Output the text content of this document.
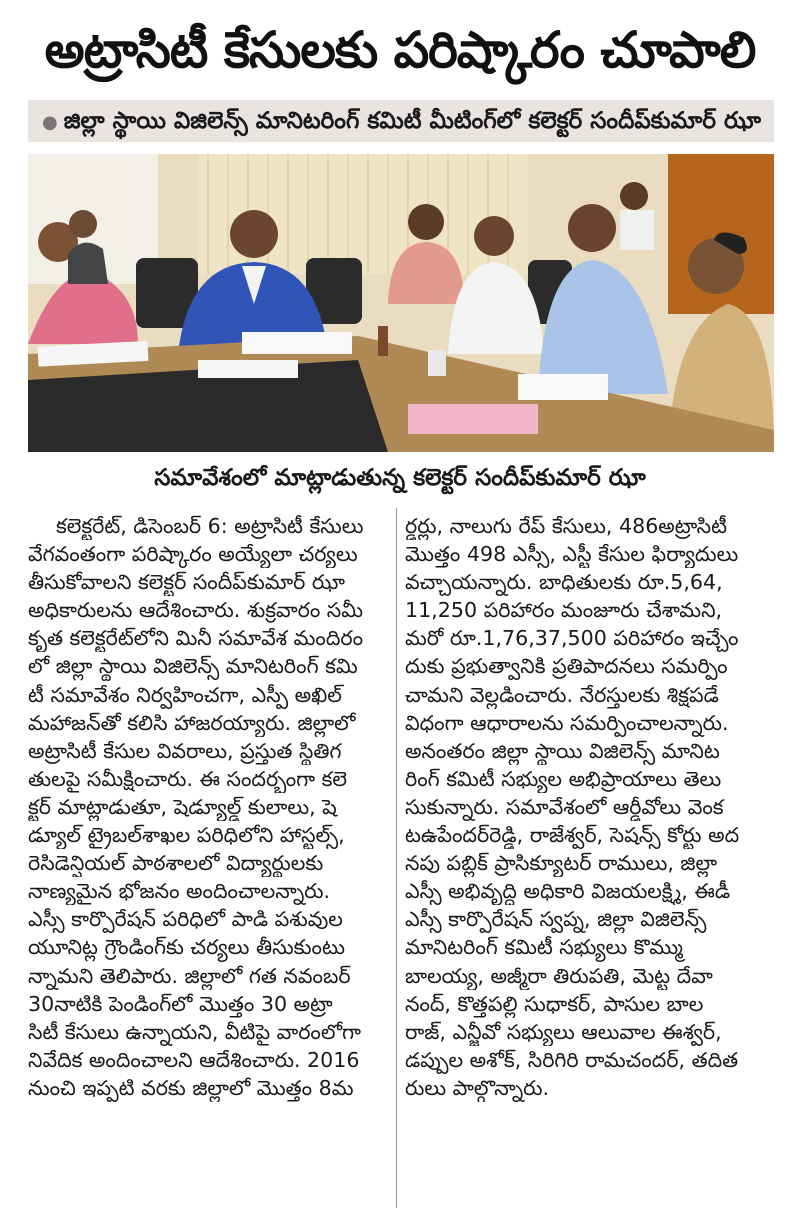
అట్రాసిటీ కేసులకు పరిష్కారం చూపాలి
● జిల్లా స్థాయి విజిలెన్స్ మానిటరింగ్ కమిటీ మీటింగ్‌లో కలెక్టర్ సందీప్‌కుమార్ ఝా
సమావేశంలో మాట్లాడుతున్న కలెక్టర్ సందీప్‌కుమార్ ఝా
కలెక్టరేట్, డిసెంబర్ 6: అట్రాసిటీ కేసులు
వేగవంతంగా పరిష్కారం అయ్యేలా చర్యలు
తీసుకోవాలని కలెక్టర్ సందీప్‌కుమార్ ఝా
అధికారులను ఆదేశించారు. శుక్రవారం సమీ
కృత కలెక్టరేట్‌లోని మినీ సమావేశ మందిరం
లో జిల్లా స్థాయి విజిలెన్స్ మానిటరింగ్ కమి
టీ సమావేశం నిర్వహించగా, ఎస్పీ అఖిల్
మహాజన్‌తో కలిసి హాజరయ్యారు. జిల్లాలో
అట్రాసిటీ కేసుల వివరాలు, ప్రస్తుత స్థితిగ
తులపై సమీక్షించారు. ఈ సందర్భంగా కలె
క్టర్ మాట్లాడుతూ, షెడ్యూల్డ్ కులాలు, షె
డ్యూల్ ట్రైబల్‌శాఖల పరిధిలోని హాస్టల్స్,
రెసిడెన్షియల్ పాఠశాలలో విద్యార్థులకు
నాణ్యమైన భోజనం అందించాలన్నారు.
ఎస్సీ కార్పొరేషన్ పరిధిలో పాడి పశువుల
యూనిట్ల గ్రౌండింగ్‌కు చర్యలు తీసుకుంటు
న్నామని తెలిపారు. జిల్లాలో గత నవంబర్
30నాటికి పెండింగ్‌లో మొత్తం 30 అట్రా
సిటీ కేసులు ఉన్నాయని, వీటిపై వారంలోగా
నివేదిక అందించాలని ఆదేశించారు. 2016
నుంచి ఇప్పటి వరకు జిల్లాలో మొత్తం 8మ
ర్డర్లు, నాలుగు రేప్ కేసులు, 486అట్రాసిటీ
మొత్తం 498 ఎస్సీ, ఎస్టీ కేసుల ఫిర్యాదులు
వచ్చాయన్నారు. బాధితులకు రూ.5,64,
11,250 పరిహారం మంజూరు చేశామని,
మరో రూ.1,76,37,500 పరిహారం ఇచ్చేం
దుకు ప్రభుత్వానికి ప్రతిపాదనలు సమర్పిం
చామని వెల్లడించారు. నేరస్తులకు శిక్షపడే
విధంగా ఆధారాలను సమర్పించాలన్నారు.
అనంతరం జిల్లా స్థాయి విజిలెన్స్ మానిట
రింగ్ కమిటీ సభ్యుల అభిప్రాయాలు తెలు
సుకున్నారు. సమావేశంలో ఆర్డీవోలు వెంక
టఉపేందర్‌రెడ్డి, రాజేశ్వర్, సెషన్స్ కోర్టు అద
నపు పబ్లిక్ ప్రాసిక్యూటర్ రాములు, జిల్లా
ఎస్సీ అభివృద్ధి అధికారి విజయలక్ష్మి, ఈడీ
ఎస్సీ కార్పొరేషన్ స్వప్న, జిల్లా విజిలెన్స్
మానిటరింగ్ కమిటీ సభ్యులు కొమ్ము
బాలయ్య, అజ్మీరా తిరుపతి, మెట్ట దేవా
నంద్, కొత్తపల్లి సుధాకర్, పాసుల బాల
రాజ్, ఎన్జీవో సభ్యులు ఆలువాల ఈశ్వర్,
డప్పుల అశోక్, సిరిగిరి రామచందర్, తదిత
రులు పాల్గొన్నారు.
